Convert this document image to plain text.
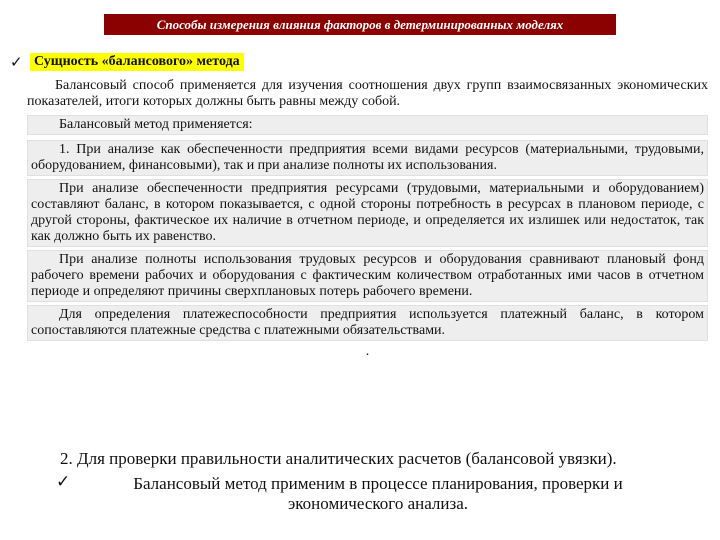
Способы измерения влияния факторов в детерминированных моделях
✓ Сущность «балансового» метода

Балансовый способ применяется для изучения соотношения двух групп взаимосвязанных экономических показателей, итоги которых должны быть равны между собой.

Балансовый метод применяется:

1. При анализе как обеспеченности предприятия всеми видами ресурсов (материальными, трудовыми, оборудованием, финансовыми), так и при анализе полноты их использования.

При анализе обеспеченности предприятия ресурсами (трудовыми, материальными и оборудованием) составляют баланс, в котором показывается, с одной стороны потребность в ресурсах в плановом периоде, с другой стороны, фактическое их наличие в отчетном периоде, и определяется их излишек или недостаток, так как должно быть их равенство.

При анализе полноты использования трудовых ресурсов и оборудования сравнивают плановый фонд рабочего времени рабочих и оборудования с фактическим количеством отработанных ими часов в отчетном периоде и определяют причины сверхплановых потерь рабочего времени.

Для определения платежеспособности предприятия используется платежный баланс, в котором сопоставляются платежные средства с платежными обязательствами.

.

2. Для проверки правильности аналитических расчетов (балансовой увязки).
✓	Балансовый метод применим в процессе планирования, проверки и экономического анализа.
